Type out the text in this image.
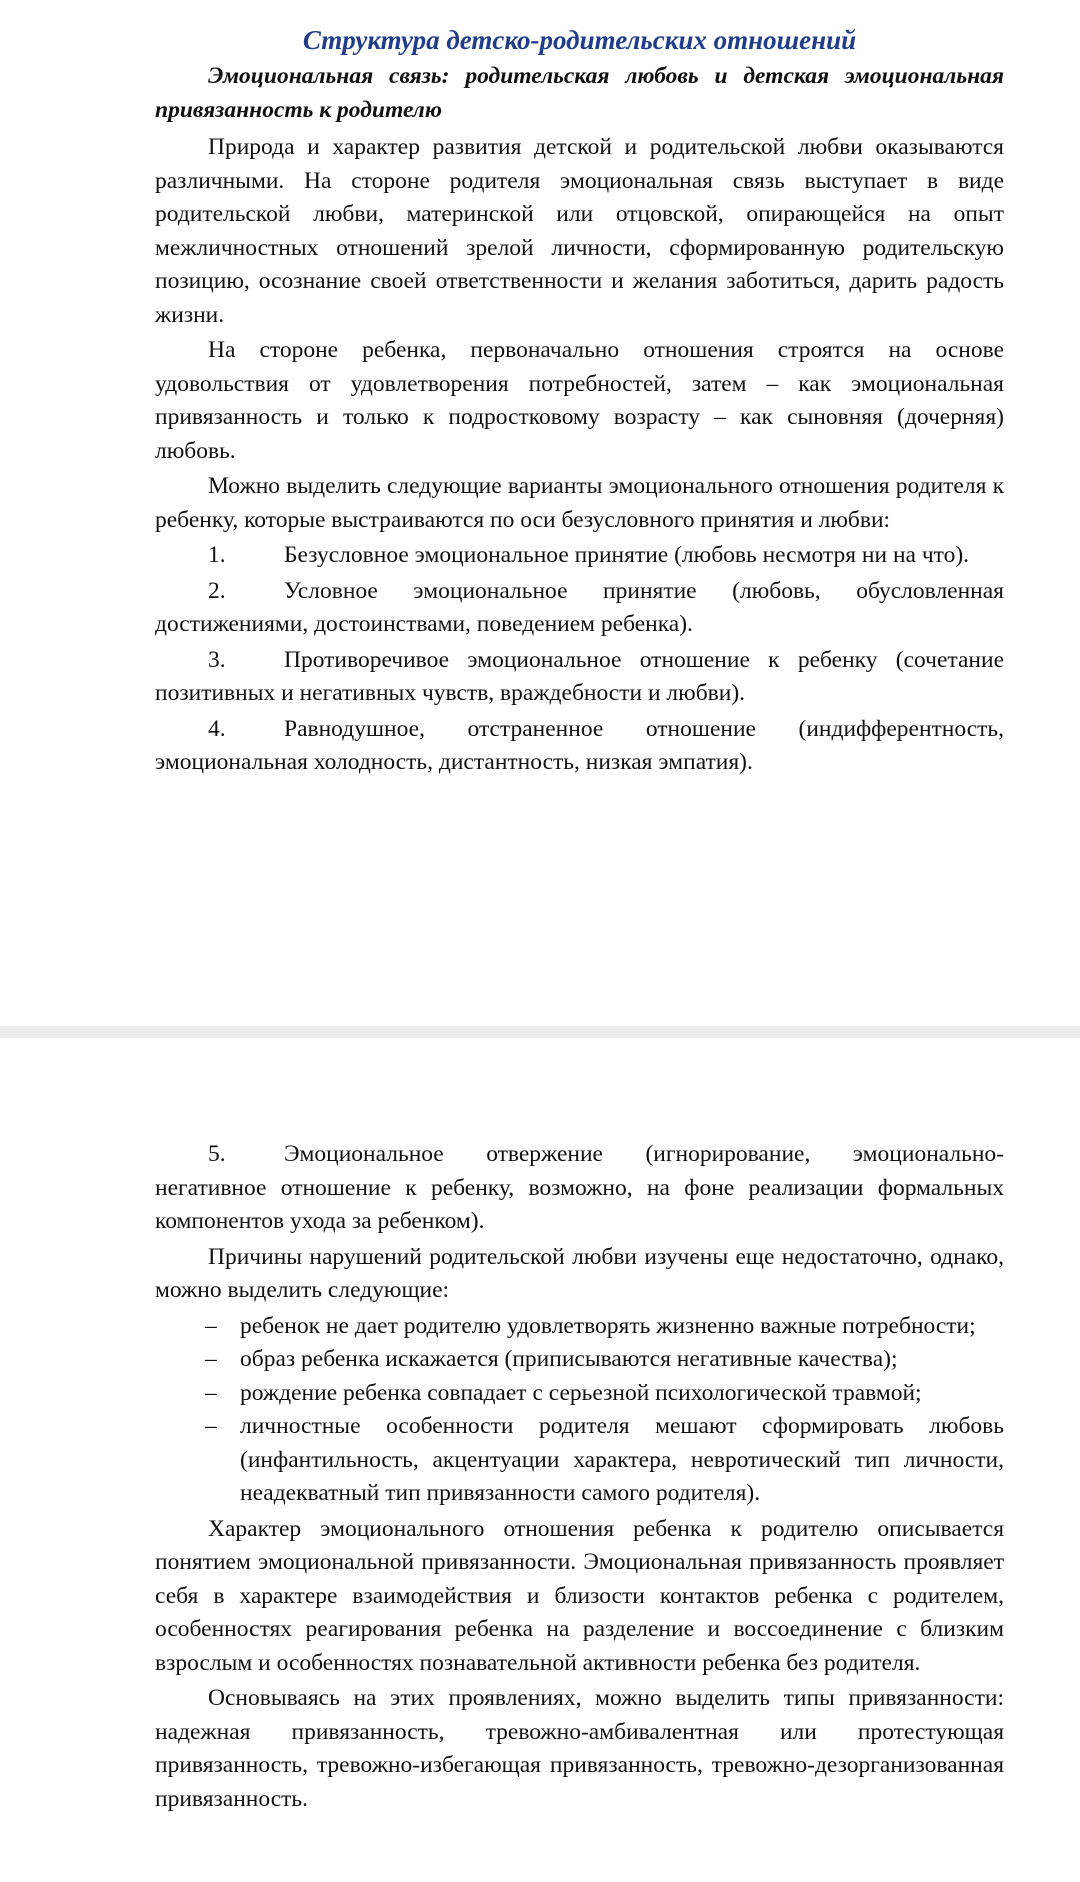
Структура детско-родительских отношений
Эмоциональная связь: родительская любовь и детская эмоциональная привязанность к родителю

Природа и характер развития детской и родительской любви оказываются различными. На стороне родителя эмоциональная связь выступает в виде родительской любви, материнской или отцовской, опирающейся на опыт межличностных отношений зрелой личности, сформированную родительскую позицию, осознание своей ответственности и желания заботиться, дарить радость жизни.

На стороне ребенка, первоначально отношения строятся на основе удовольствия от удовлетворения потребностей, затем – как эмоциональная привязанность и только к подростковому возрасту – как сыновняя (дочерняя) любовь.

Можно выделить следующие варианты эмоционального отношения родителя к ребенку, которые выстраиваются по оси безусловного принятия и любви:

1. Безусловное эмоциональное принятие (любовь несмотря ни на что).
2. Условное эмоциональное принятие (любовь, обусловленная достижениями, достоинствами, поведением ребенка).
3. Противоречивое эмоциональное отношение к ребенку (сочетание позитивных и негативных чувств, враждебности и любви).
4. Равнодушное, отстраненное отношение (индифферентность, эмоциональная холодность, дистантность, низкая эмпатия).
5. Эмоциональное отвержение (игнорирование, эмоционально-негативное отношение к ребенку, возможно, на фоне реализации формальных компонентов ухода за ребенком).

Причины нарушений родительской любви изучены еще недостаточно, однако, можно выделить следующие:

– ребенок не дает родителю удовлетворять жизненно важные потребности;
– образ ребенка искажается (приписываются негативные качества);
– рождение ребенка совпадает с серьезной психологической травмой;
– личностные особенности родителя мешают сформировать любовь (инфантильность, акцентуации характера, невротический тип личности, неадекватный тип привязанности самого родителя).

Характер эмоционального отношения ребенка к родителю описывается понятием эмоциональной привязанности. Эмоциональная привязанность проявляет себя в характере взаимодействия и близости контактов ребенка с родителем, особенностях реагирования ребенка на разделение и воссоединение с близким взрослым и особенностях познавательной активности ребенка без родителя.

Основываясь на этих проявлениях, можно выделить типы привязанности: надежная привязанность, тревожно-амбивалентная или протестующая привязанность, тревожно-избегающая привязанность, тревожно-дезорганизованная привязанность.
